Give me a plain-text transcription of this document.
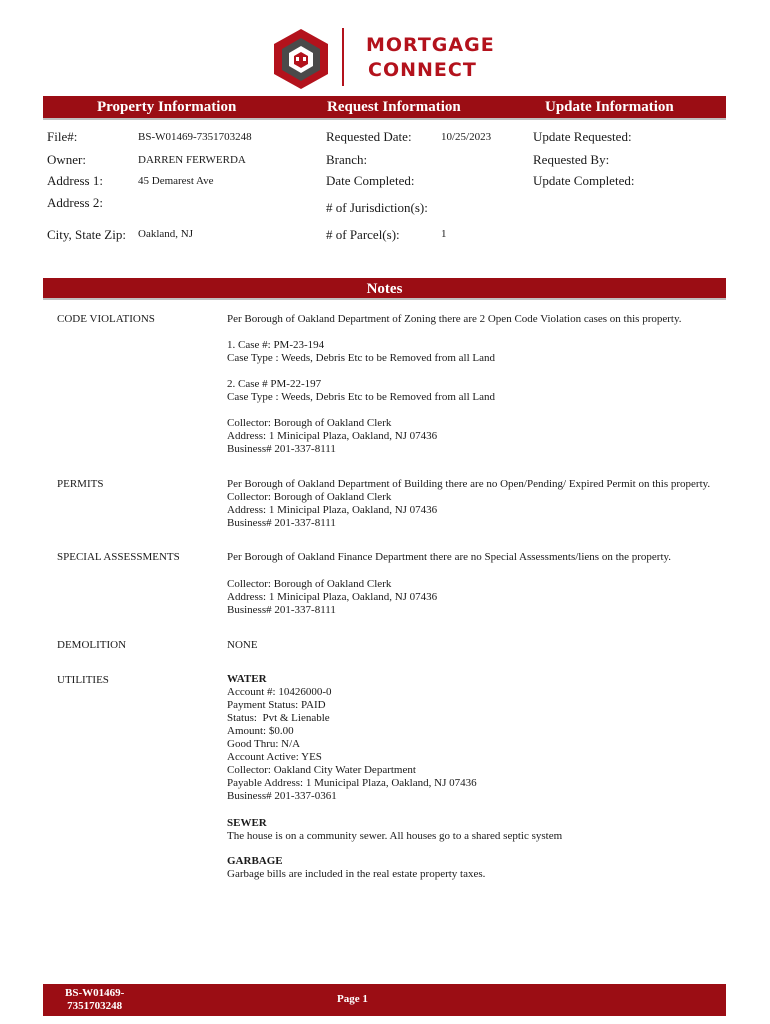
MORTGAGE
CONNECT
Property Information	Request Information	Update Information
File#:	BS-W01469-7351703248
Owner:	DARREN FERWERDA
Address 1:	45 Demarest Ave
Address 2:
City, State Zip: Oakland, NJ
Requested Date:	10/25/2023
Branch:
Date Completed:
# of Jurisdiction(s):
# of Parcel(s):	1
Update Requested:
Requested By:
Update Completed:
Notes
CODE VIOLATIONS	Per Borough of Oakland Department of Zoning there are 2 Open Code Violation cases on this property.
1. Case #: PM-23-194
Case Type : Weeds, Debris Etc to be Removed from all Land
2. Case # PM-22-197
Case Type : Weeds, Debris Etc to be Removed from all Land
Collector: Borough of Oakland Clerk
Address: 1 Minicipal Plaza, Oakland, NJ 07436
Business# 201-337-8111
PERMITS	Per Borough of Oakland Department of Building there are no Open/Pending/ Expired Permit on this property.
Collector: Borough of Oakland Clerk
Address: 1 Minicipal Plaza, Oakland, NJ 07436
Business# 201-337-8111
SPECIAL ASSESSMENTS	Per Borough of Oakland Finance Department there are no Special Assessments/liens on the property.
Collector: Borough of Oakland Clerk
Address: 1 Minicipal Plaza, Oakland, NJ 07436
Business# 201-337-8111
DEMOLITION	NONE
UTILITIES	WATER
Account #: 10426000-0
Payment Status: PAID
Status:  Pvt & Lienable
Amount: $0.00
Good Thru: N/A
Account Active: YES
Collector: Oakland City Water Department
Payable Address: 1 Municipal Plaza, Oakland, NJ 07436
Business# 201-337-0361
SEWER
The house is on a community sewer. All houses go to a shared septic system
GARBAGE
Garbage bills are included in the real estate property taxes.
BS-W01469-
7351703248
Page 1
